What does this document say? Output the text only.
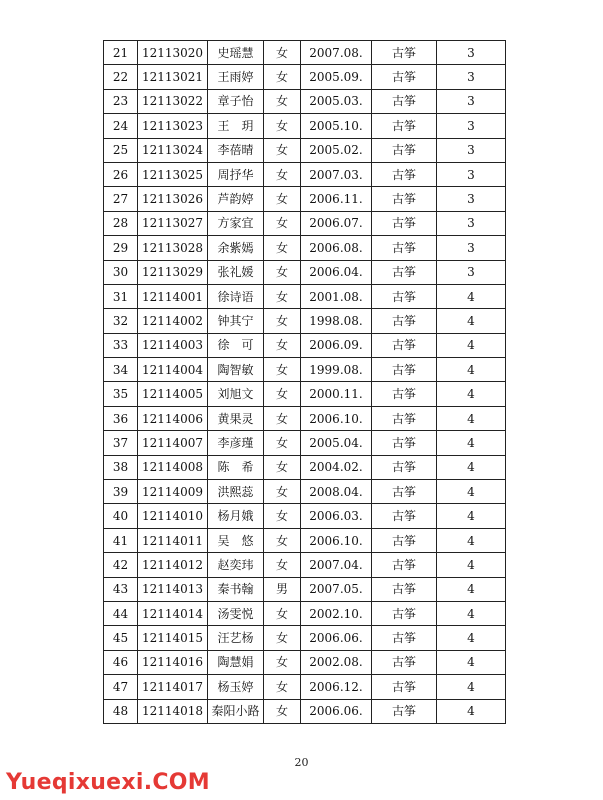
21	12113020	史瑶慧	女	2007.08.	古筝	3
22	12113021	王雨婷	女	2005.09.	古筝	3
23	12113022	章子怡	女	2005.03.	古筝	3
24	12113023	王　玥	女	2005.10.	古筝	3
25	12113024	李蓓晴	女	2005.02.	古筝	3
26	12113025	周抒华	女	2007.03.	古筝	3
27	12113026	芦韵婷	女	2006.11.	古筝	3
28	12113027	方家宜	女	2006.07.	古筝	3
29	12113028	余紫嫣	女	2006.08.	古筝	3
30	12113029	张礼媛	女	2006.04.	古筝	3
31	12114001	徐诗语	女	2001.08.	古筝	4
32	12114002	钟其宁	女	1998.08.	古筝	4
33	12114003	徐　可	女	2006.09.	古筝	4
34	12114004	陶智敏	女	1999.08.	古筝	4
35	12114005	刘旭文	女	2000.11.	古筝	4
36	12114006	黄果灵	女	2006.10.	古筝	4
37	12114007	李彦瑾	女	2005.04.	古筝	4
38	12114008	陈　希	女	2004.02.	古筝	4
39	12114009	洪熙蕊	女	2008.04.	古筝	4
40	12114010	杨月娥	女	2006.03.	古筝	4
41	12114011	吴　悠	女	2006.10.	古筝	4
42	12114012	赵奕玮	女	2007.04.	古筝	4
43	12114013	秦书翰	男	2007.05.	古筝	4
44	12114014	汤雯悦	女	2002.10.	古筝	4
45	12114015	汪艺杨	女	2006.06.	古筝	4
46	12114016	陶慧娟	女	2002.08.	古筝	4
47	12114017	杨玉婷	女	2006.12.	古筝	4
48	12114018	秦阳小路	女	2006.06.	古筝	4
20
Yueqixuexi.COM
